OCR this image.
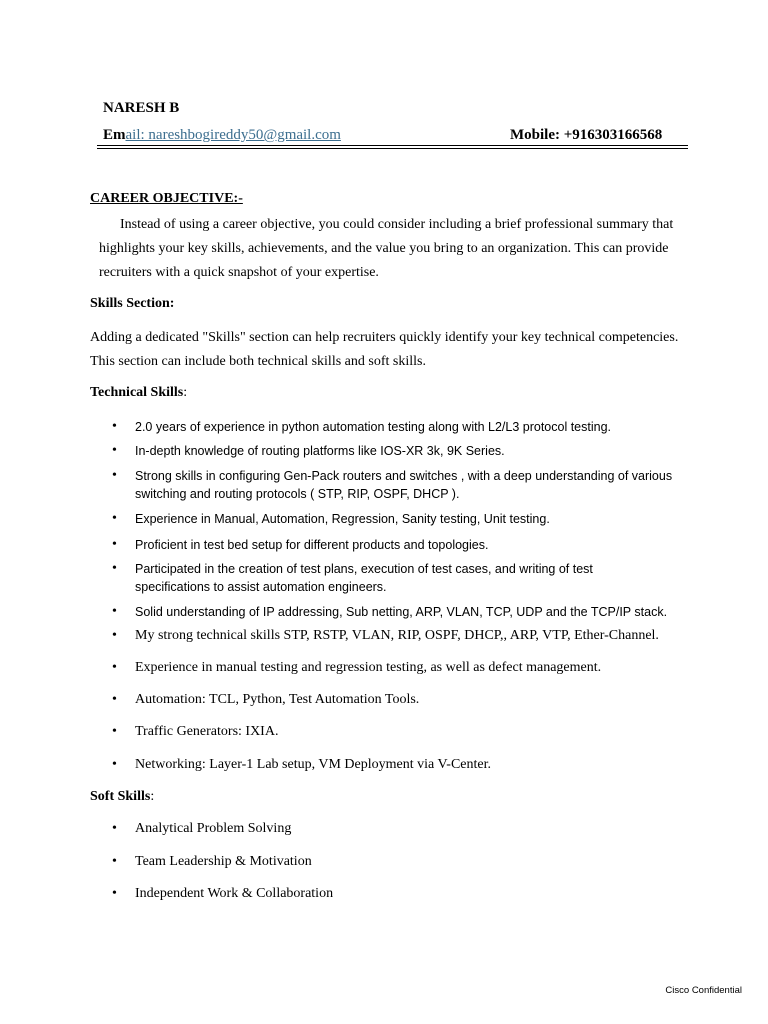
NARESH B
Email: nareshbogireddy50@gmail.com	Mobile: +916303166568
CAREER OBJECTIVE:-

Instead of using a career objective, you could consider including a brief professional summary that highlights your key skills, achievements, and the value you bring to an organization. This can provide recruiters with a quick snapshot of your expertise.

Skills Section:

Adding a dedicated "Skills" section can help recruiters quickly identify your key technical competencies. This section can include both technical skills and soft skills.

Technical Skills:
• 2.0 years of experience in python automation testing along with L2/L3 protocol testing.
• In-depth knowledge of routing platforms like IOS-XR 3k, 9K Series.
• Strong skills in configuring Gen-Pack routers and switches , with a deep understanding of various switching and routing protocols ( STP, RIP, OSPF, DHCP ).
• Experience in Manual, Automation, Regression, Sanity testing, Unit testing.
• Proficient in test bed setup for different products and topologies.
• Participated in the creation of test plans, execution of test cases, and writing of test specifications to assist automation engineers.
• Solid understanding of IP addressing, Sub netting, ARP, VLAN, TCP, UDP and the TCP/IP stack.
• My strong technical skills STP, RSTP, VLAN, RIP, OSPF, DHCP,, ARP, VTP, Ether-Channel.
• Experience in manual testing and regression testing, as well as defect management.
• Automation: TCL, Python, Test Automation Tools.
• Traffic Generators: IXIA.
• Networking: Layer-1 Lab setup, VM Deployment via V-Center.
Soft Skills:
• Analytical Problem Solving
• Team Leadership & Motivation
• Independent Work & Collaboration
Cisco Confidential
